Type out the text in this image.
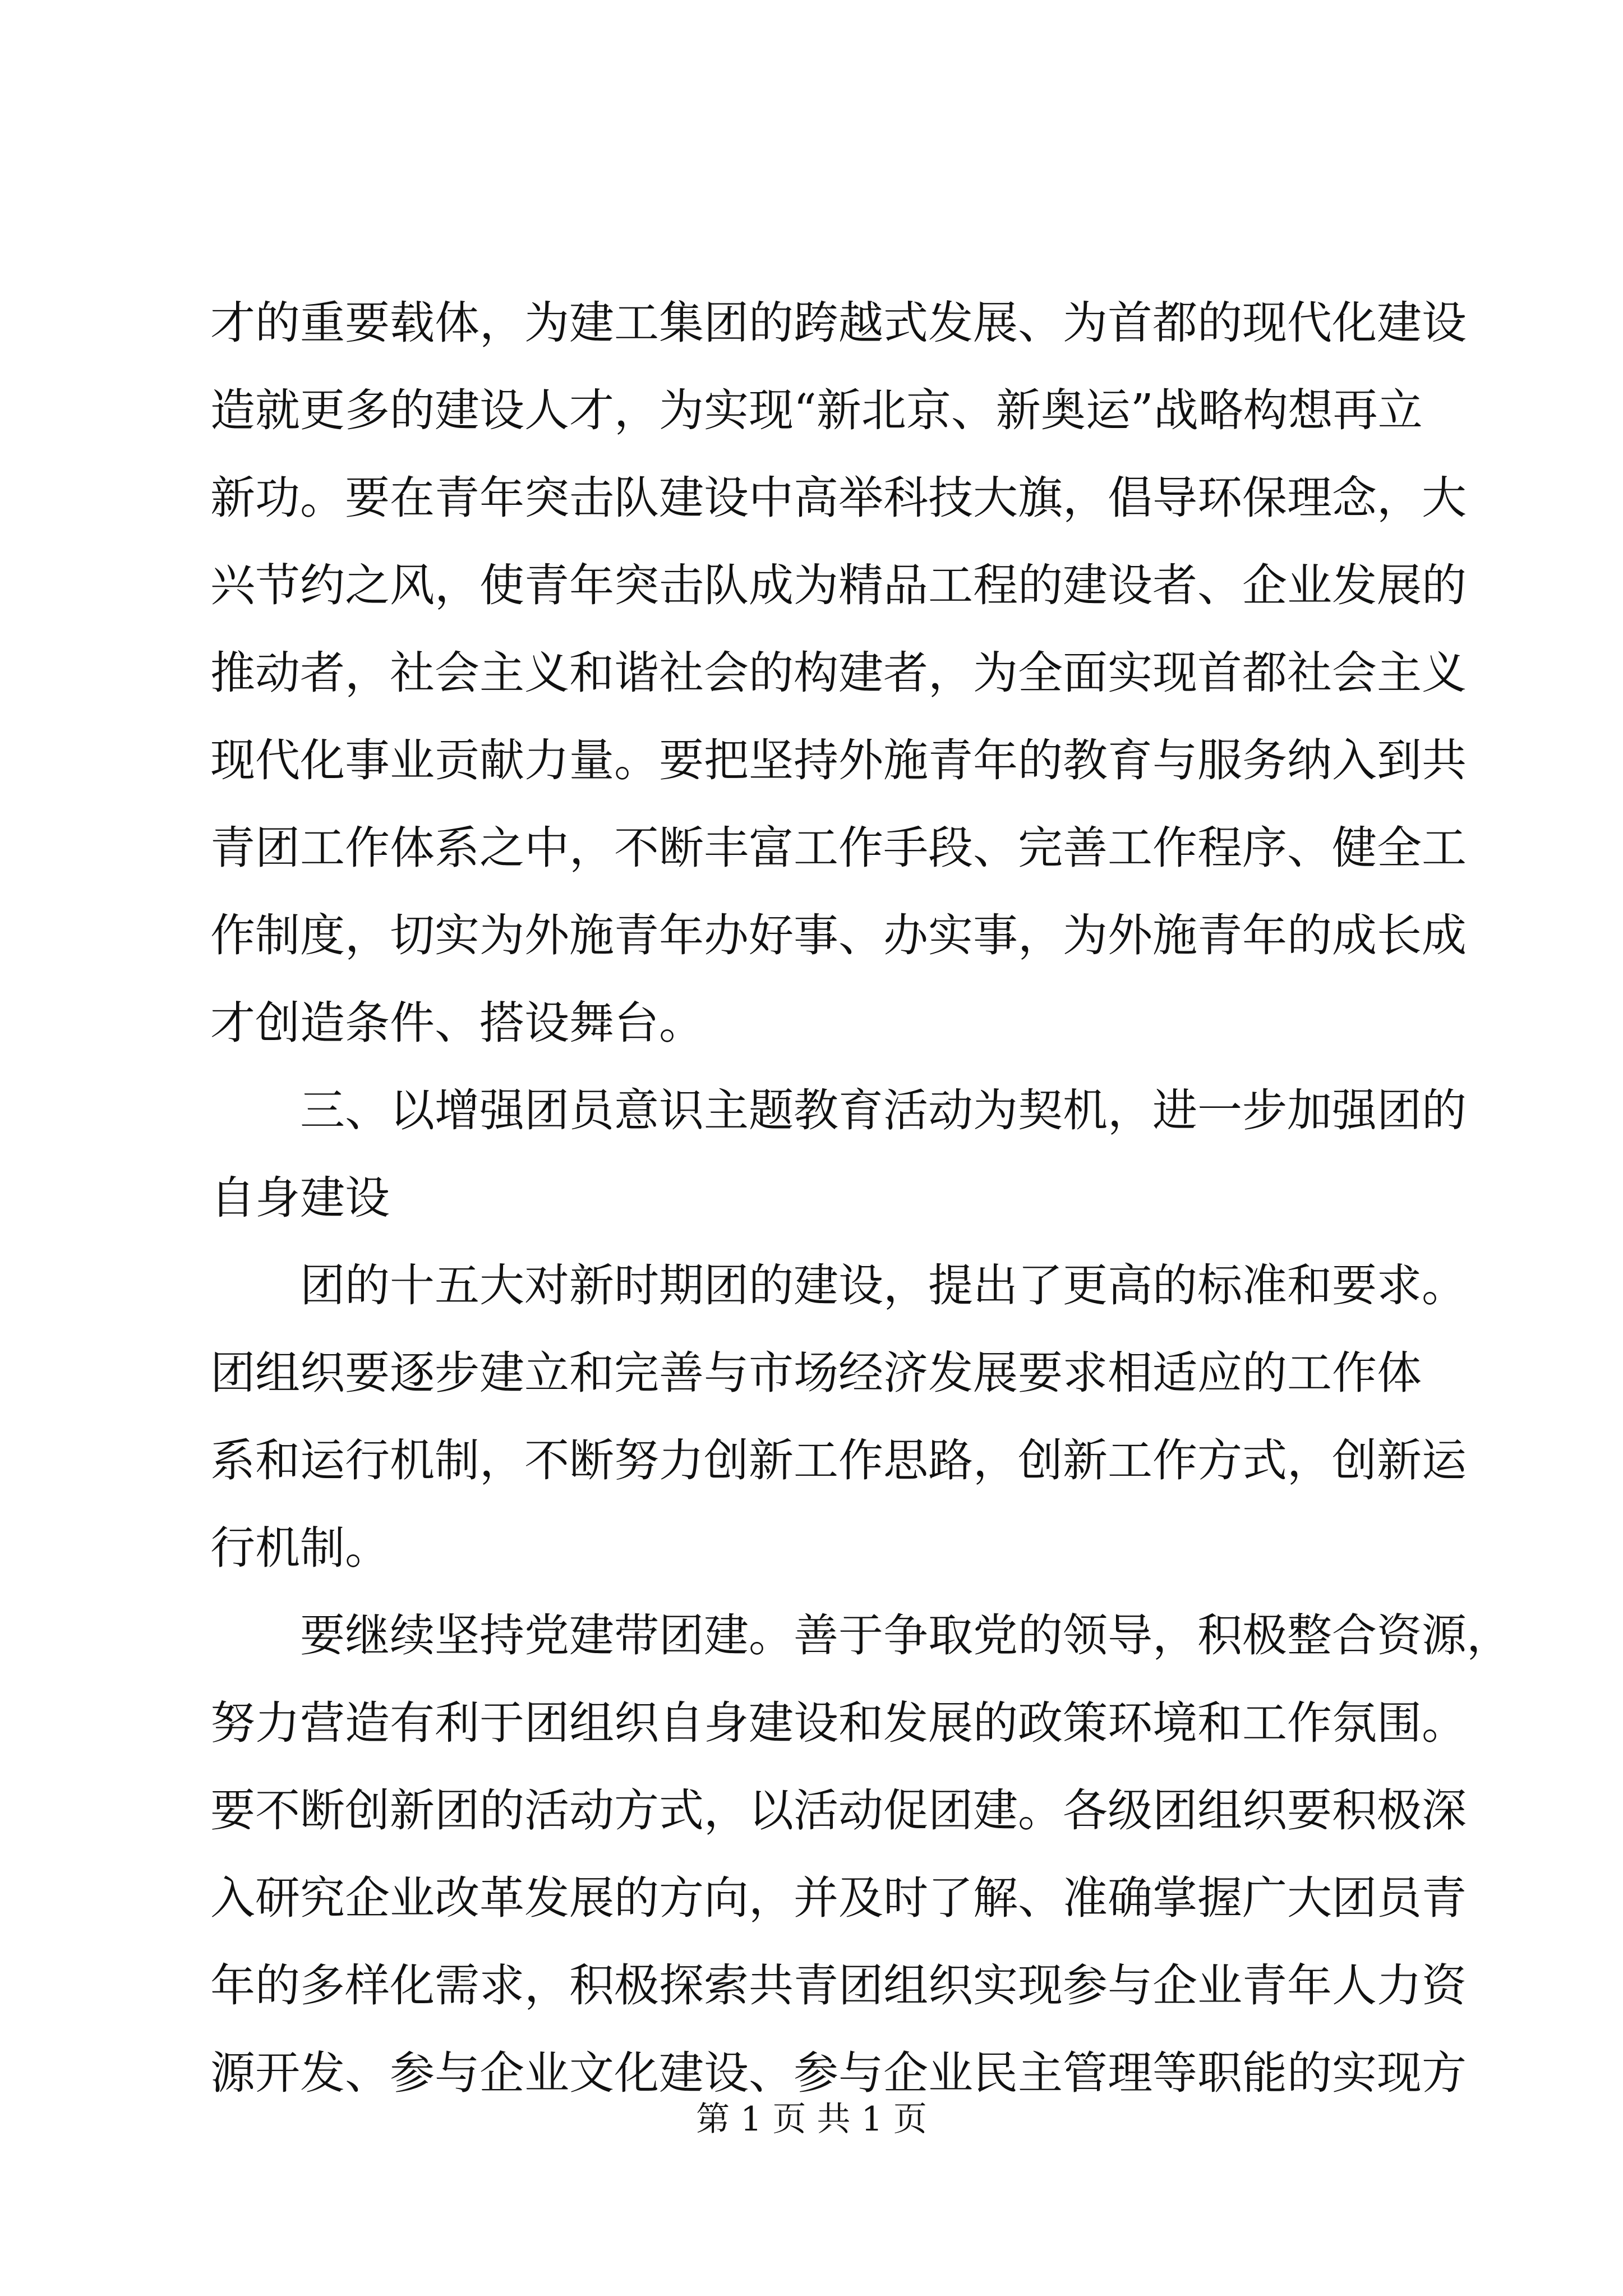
才的重要载体，为建工集团的跨越式发展、为首都的现代化建设
造就更多的建设人才，为实现“新北京、新奥运”战略构想再立
新功。要在青年突击队建设中高举科技大旗，倡导环保理念，大
兴节约之风，使青年突击队成为精品工程的建设者、企业发展的
推动者，社会主义和谐社会的构建者，为全面实现首都社会主义
现代化事业贡献力量。要把坚持外施青年的教育与服务纳入到共
青团工作体系之中，不断丰富工作手段、完善工作程序、健全工
作制度，切实为外施青年办好事、办实事，为外施青年的成长成
才创造条件、搭设舞台。
三、以增强团员意识主题教育活动为契机，进一步加强团的
自身建设
团的十五大对新时期团的建设，提出了更高的标准和要求。
团组织要逐步建立和完善与市场经济发展要求相适应的工作体
系和运行机制，不断努力创新工作思路，创新工作方式，创新运
行机制。
要继续坚持党建带团建。善于争取党的领导，积极整合资源，
努力营造有利于团组织自身建设和发展的政策环境和工作氛围。
要不断创新团的活动方式，以活动促团建。各级团组织要积极深
入研究企业改革发展的方向，并及时了解、准确掌握广大团员青
年的多样化需求，积极探索共青团组织实现参与企业青年人力资
源开发、参与企业文化建设、参与企业民主管理等职能的实现方
第 1 页 共 1 页
